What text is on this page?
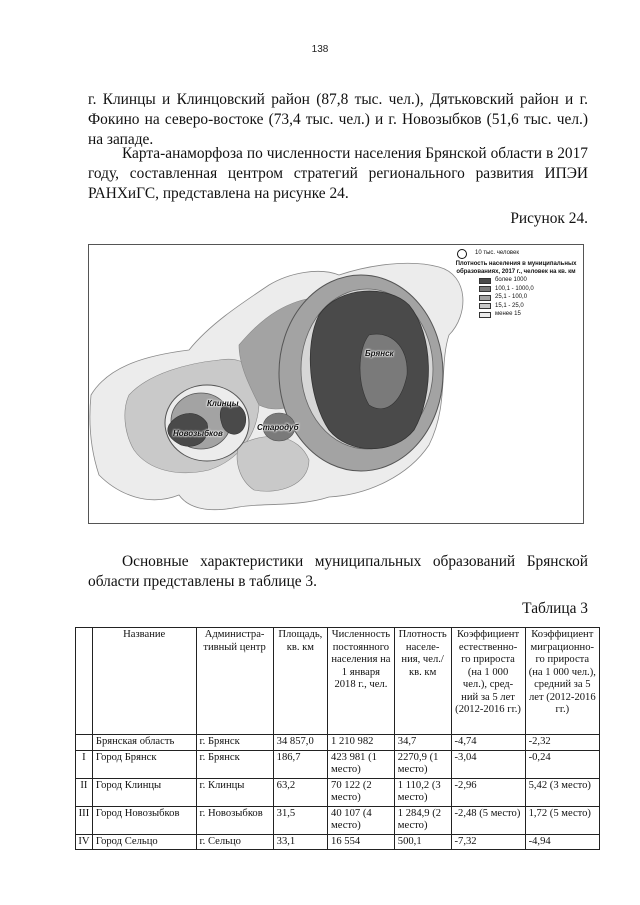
138

г. Клинцы и Клинцовский район (87,8 тыс. чел.), Дятьковский район и г. Фокино на северо-востоке (73,4 тыс. чел.) и г. Новозыбков (51,6 тыс. чел.) на западе.

Карта-анаморфоза по численности населения Брянской области в 2017 году, составленная центром стратегий регионального развития ИПЭИ РАНХиГС, представлена на рисунке 24.

Рисунок 24.
10 тыс. человек
Плотность населения в муниципальных образованиях, 2017 г., человек на кв. км
более 1000
100,1 - 1000,0
25,1 - 100,0
15,1 - 25,0
менее 15
Брянск
Клинцы
Новозыбков
Стародуб

Основные характеристики муниципальных образований Брянской области представлены в таблице 3.

Таблица 3
	Название	Администра-тивный центр	Площадь, кв. км	Численность постоянного населения на 1 января 2018 г., чел.	Плотность населе-ния, чел./кв. км	Коэффициент естественно-го прироста (на 1 000 чел.), сред-ний за 5 лет (2012-2016 гг.)	Коэффициент миграционно-го прироста (на 1 000 чел.), средний за 5 лет (2012-2016 гг.)
	Брянская область	г. Брянск	34 857,0	1 210 982	34,7	-4,74	-2,32
I	Город Брянск	г. Брянск	186,7	423 981 (1 место)	2270,9 (1 место)	-3,04	-0,24
II	Город Клинцы	г. Клинцы	63,2	70 122 (2 место)	1 110,2 (3 место)	-2,96	5,42 (3 место)
III	Город Новозыбков	г. Новозыбков	31,5	40 107 (4 место)	1 284,9 (2 место)	-2,48 (5 место)	1,72 (5 место)
IV	Город Сельцо	г. Сельцо	33,1	16 554	500,1	-7,32	-4,94
